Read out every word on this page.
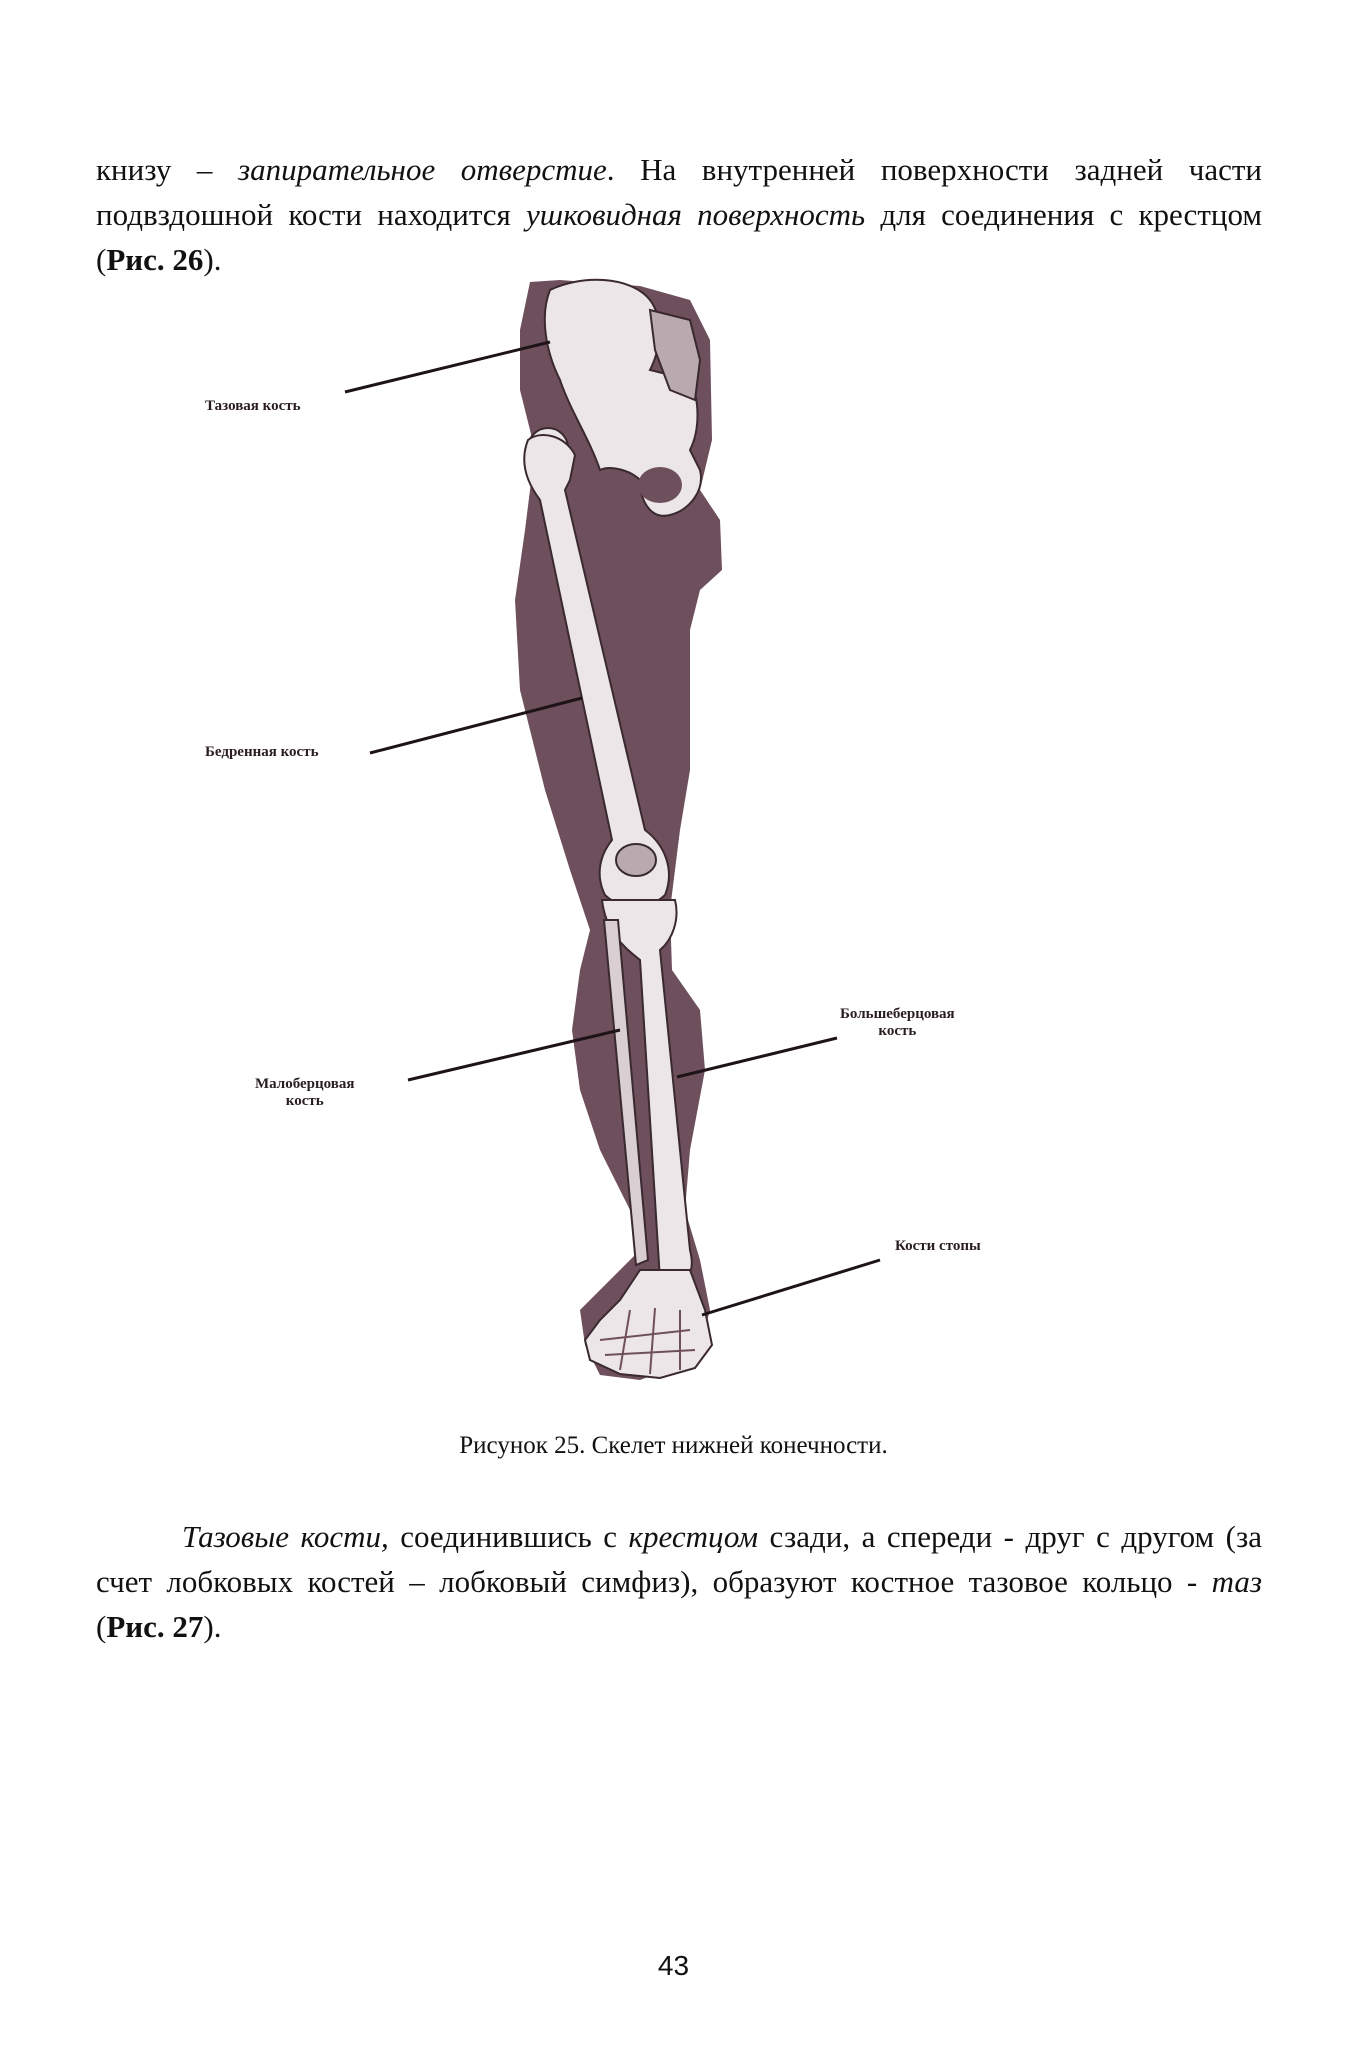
книзу – запирательное отверстие. На внутренней поверхности задней части подвздошной кости находится ушковидная поверхность для соединения с крестцом (Рис. 26).

Тазовая кость
Бедренная кость
Малоберцовая
кость
Большеберцовая
кость
Кости стопы
Рисунок 25. Скелет нижней конечности.

Тазовые кости, соединившись с крестцом сзади, а спереди - друг с другом (за счет лобковых костей – лобковый симфиз), образуют костное тазовое кольцо - таз (Рис. 27).

43
